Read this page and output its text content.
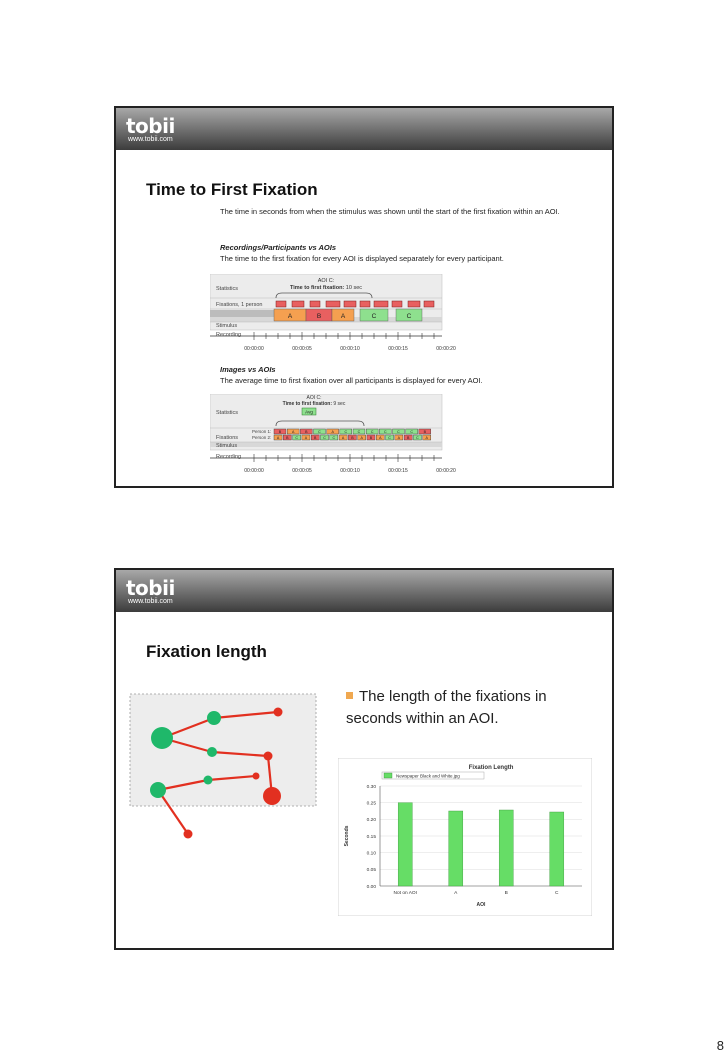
tobii
www.tobii.com
Time to First Fixation
The time in seconds from when the stimulus was shown until the start of the first fixation within an AOI.
Recordings/Participants vs AOIs
The time to the first fixation for every AOI is displayed separately for every participant.
Statistics
Fixations, 1 person
Stimulus
Recording
AOI C:
Time to first fixation: 10 sec
A	B	A	C	C
00:00:00	00:00:05	00:00:10	00:00:15	00:00:20
Images vs AOIs
The average time to first fixation over all participants is displayed for every AOI.
Statistics
Fixations
Stimulus
Recording
Person 1:
Person 2:
AOI C:
Time to first fixation: 9 sec
Avg
B	A	B	C	A	C	C	C	C	C	C	B
A B C A B C C A B A B A C A B C A
00:00:00	00:00:05	00:00:10	00:00:15	00:00:20
tobii
www.tobii.com
Fixation length
The length of the fixations in seconds within an AOI.
Fixation Length
Newspaper Black and White.jpg
0.00
0.05
0.10
0.15
0.20
0.25
0.30
Not on AOI	A	B	C
AOI
Seconds
8
